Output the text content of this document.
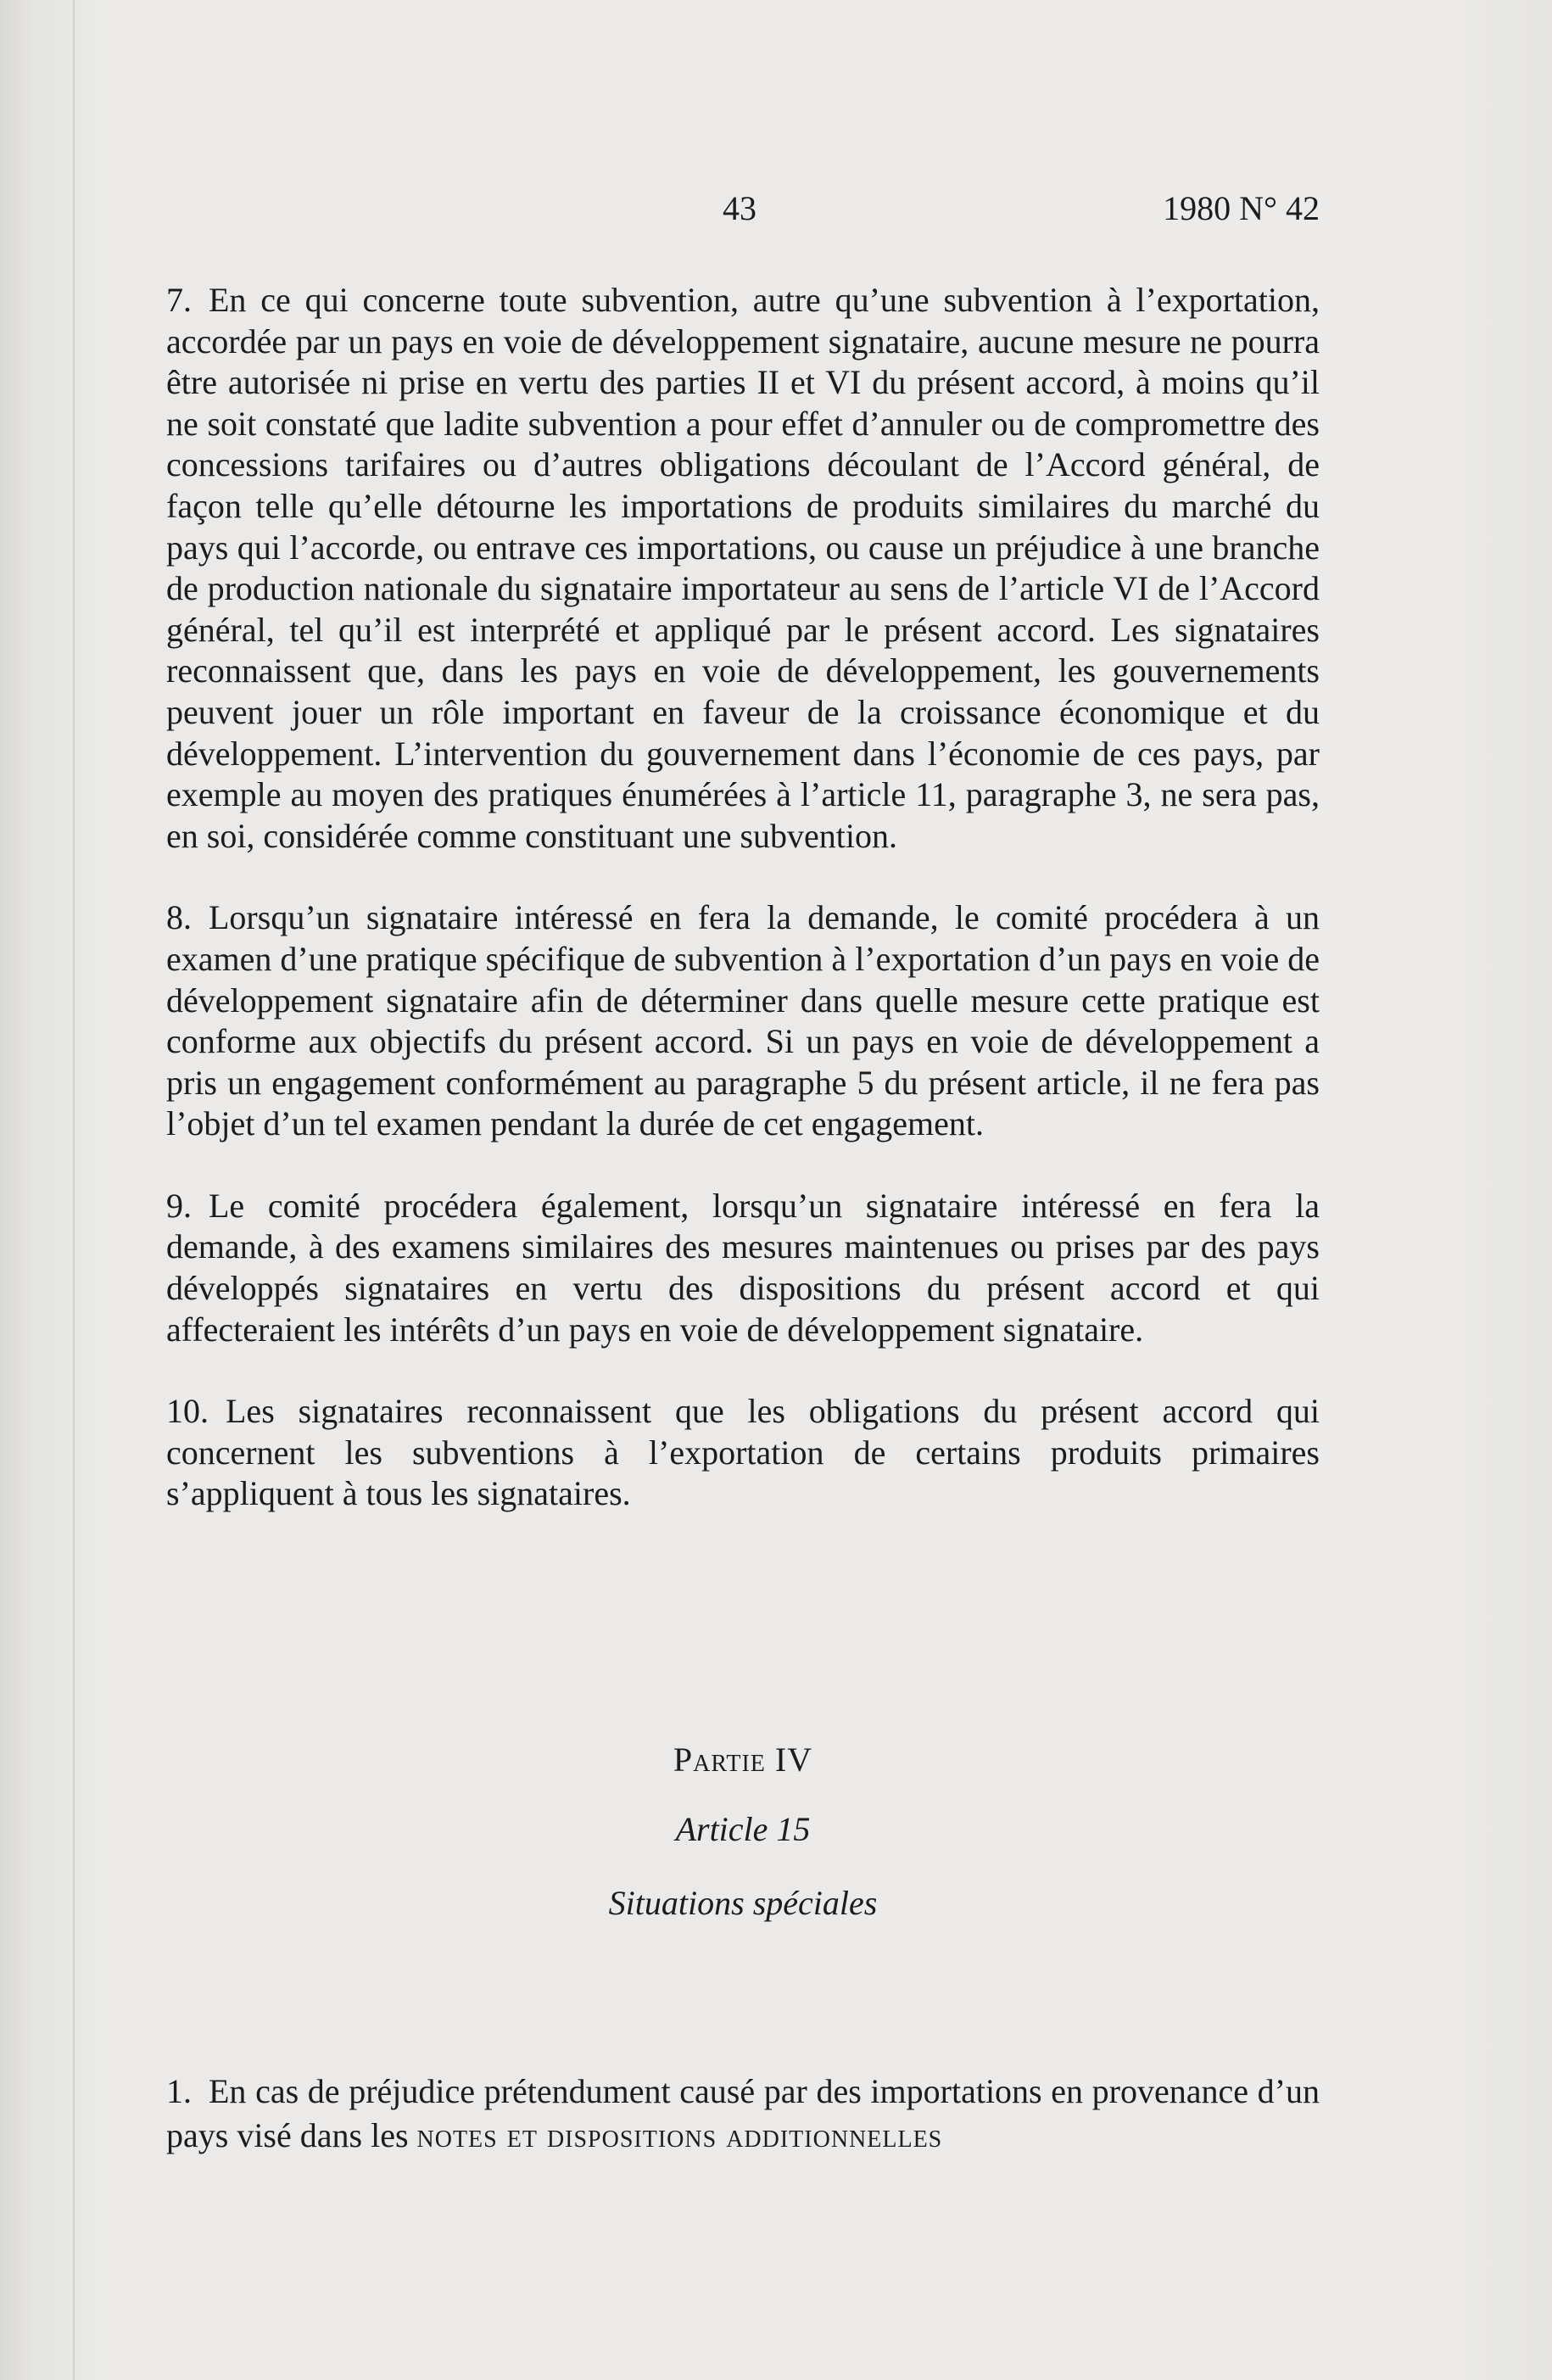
43	1980 N° 42

7. En ce qui concerne toute subvention, autre qu’une subvention à l’exportation, accordée par un pays en voie de développement signataire, aucune mesure ne pourra être autorisée ni prise en vertu des parties II et VI du présent accord, à moins qu’il ne soit constaté que ladite subvention a pour effet d’annuler ou de compromettre des concessions tarifaires ou d’autres obligations découlant de l’Accord général, de façon telle qu’elle détourne les importations de produits similaires du marché du pays qui l’accorde, ou entrave ces importations, ou cause un préjudice à une branche de production nationale du signataire importateur au sens de l’article VI de l’Accord général, tel qu’il est interprété et appliqué par le présent accord. Les signataires reconnaissent que, dans les pays en voie de développement, les gouvernements peuvent jouer un rôle important en faveur de la croissance économique et du développement. L’intervention du gouvernement dans l’économie de ces pays, par exemple au moyen des pratiques énumérées à l’article 11, paragraphe 3, ne sera pas, en soi, considérée comme constituant une subvention.

8. Lorsqu’un signataire intéressé en fera la demande, le comité procédera à un examen d’une pratique spécifique de subvention à l’exportation d’un pays en voie de développement signataire afin de déterminer dans quelle mesure cette pratique est conforme aux objectifs du présent accord. Si un pays en voie de développement a pris un engagement conformément au paragraphe 5 du présent article, il ne fera pas l’objet d’un tel examen pendant la durée de cet engagement.

9. Le comité procédera également, lorsqu’un signataire intéressé en fera la demande, à des examens similaires des mesures maintenues ou prises par des pays développés signataires en vertu des dispositions du présent accord et qui affecteraient les intérêts d’un pays en voie de développement signataire.

10. Les signataires reconnaissent que les obligations du présent accord qui concernent les subventions à l’exportation de certains produits primaires s’appliquent à tous les signataires.

Partie IV
Article 15
Situations spéciales

1. En cas de préjudice prétendument causé par des importations en provenance d’un pays visé dans les notes et dispositions additionnelles
